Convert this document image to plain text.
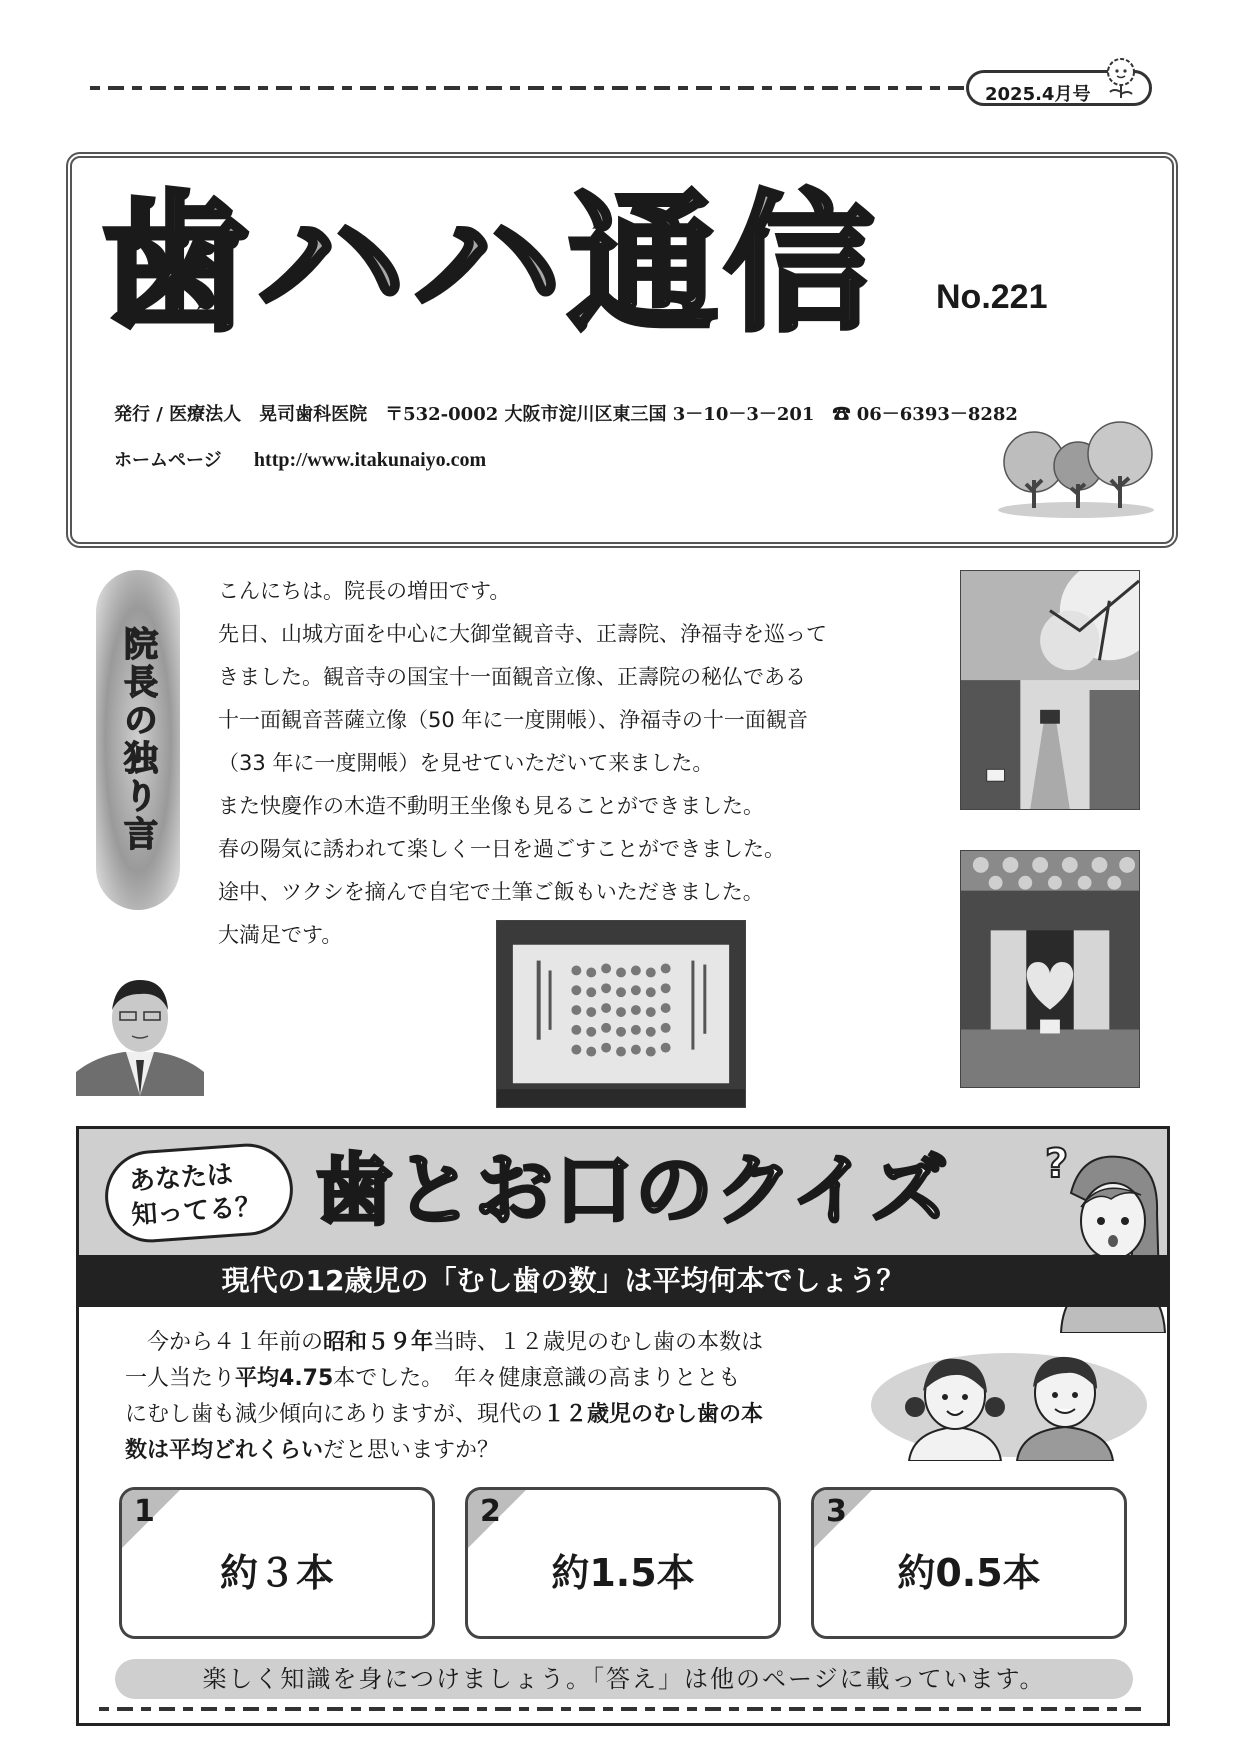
2025.4月号
歯ハハ通信 No.221
発行 / 医療法人　晃司歯科医院　〒532-0002 大阪市淀川区東三国 3－10－3－201　☎ 06－6393－8282
ホームページ http://www.itakunaiyo.com
院長の独り言

こんにちは。院長の増田です。

先日、山城方面を中心に大御堂観音寺、正壽院、浄福寺を巡って

きました。観音寺の国宝十一面観音立像、正壽院の秘仏である

十一面観音菩薩立像（50 年に一度開帳）、浄福寺の十一面観音

（33 年に一度開帳）を見せていただいて来ました。

また快慶作の木造不動明王坐像も見ることができました。

春の陽気に誘われて楽しく一日を過ごすことができました。

途中、ツクシを摘んで自宅で土筆ご飯もいただきました。

大満足です。

あなたは
知ってる？ 歯とお口のクイズ ?
現代の12歳児の「むし歯の数」は平均何本でしょう？

　今から４１年前の昭和５９年当時、１２歳児のむし歯の本数は

一人当たり平均4.75本でした。　年々健康意識の高まりととも

にむし歯も減少傾向にありますが、現代の１２歳児のむし歯の本

数は平均どれくらいだと思いますか？

1
約３本
2
約1.5本
3
約0.5本
楽しく知識を身につけましょう。「答え」は他のページに載っています。
